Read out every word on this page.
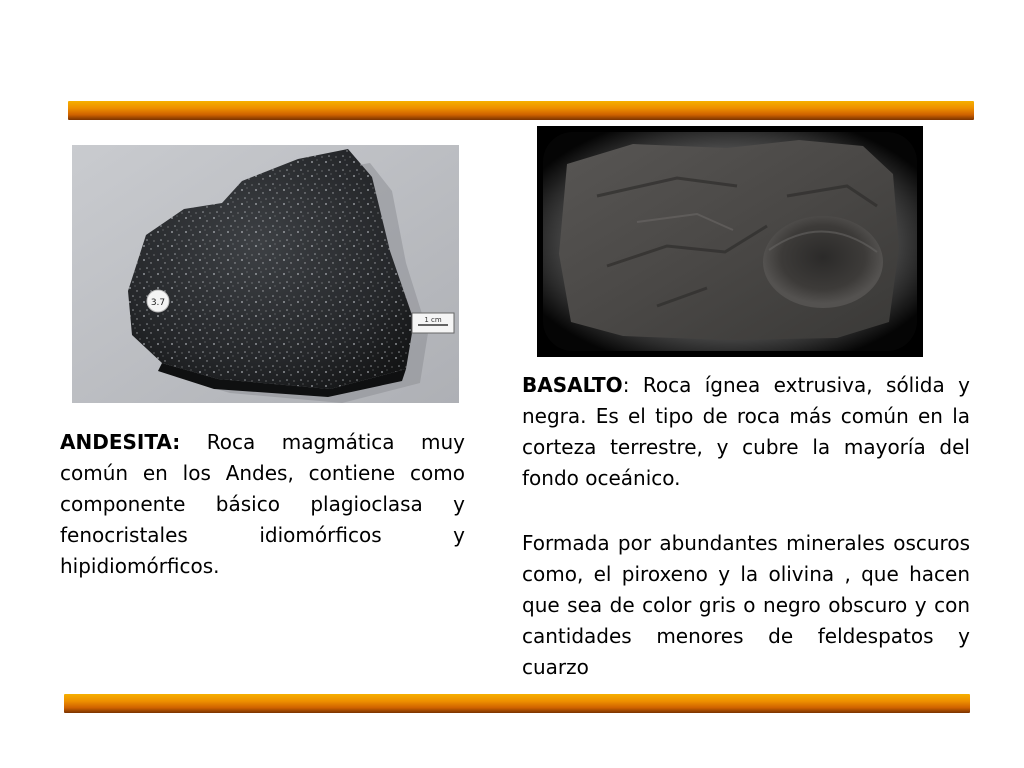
3.7
1 cm
BASALTO: Roca ígnea extrusiva, sólida y negra. Es el tipo de roca más común en la corteza terrestre, y cubre la mayoría del fondo oceánico.
Formada por abundantes minerales oscuros como, el piroxeno y la olivina , que hacen que sea de color gris o negro obscuro y con cantidades menores de feldespatos y cuarzo
ANDESITA: Roca magmática muy común en los Andes, contiene como componente básico plagioclasa y fenocristales idiomórficos y hipidiomórficos.
